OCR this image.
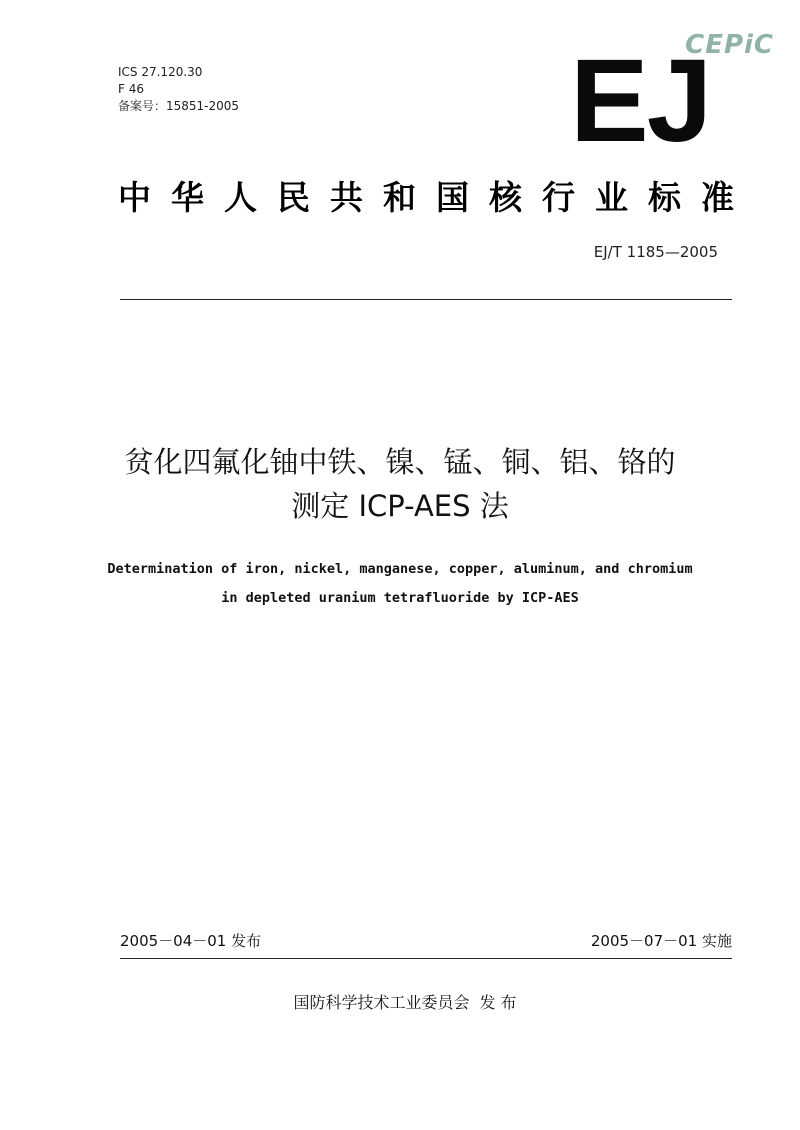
ICS 27.120.30
F 46
备案号：15851-2005
CEPiC
EJ
中华人民共和国核行业标准
EJ/T 1185—2005
贫化四氟化铀中铁、镍、锰、铜、铝、铬的
测定 ICP-AES 法
Determination of iron, nickel, manganese, copper, aluminum, and chromium
in depleted uranium tetrafluoride by ICP-AES
2005－04－01 发布	2005－07－01 实施
国防科学技术工业委员会 发 布
